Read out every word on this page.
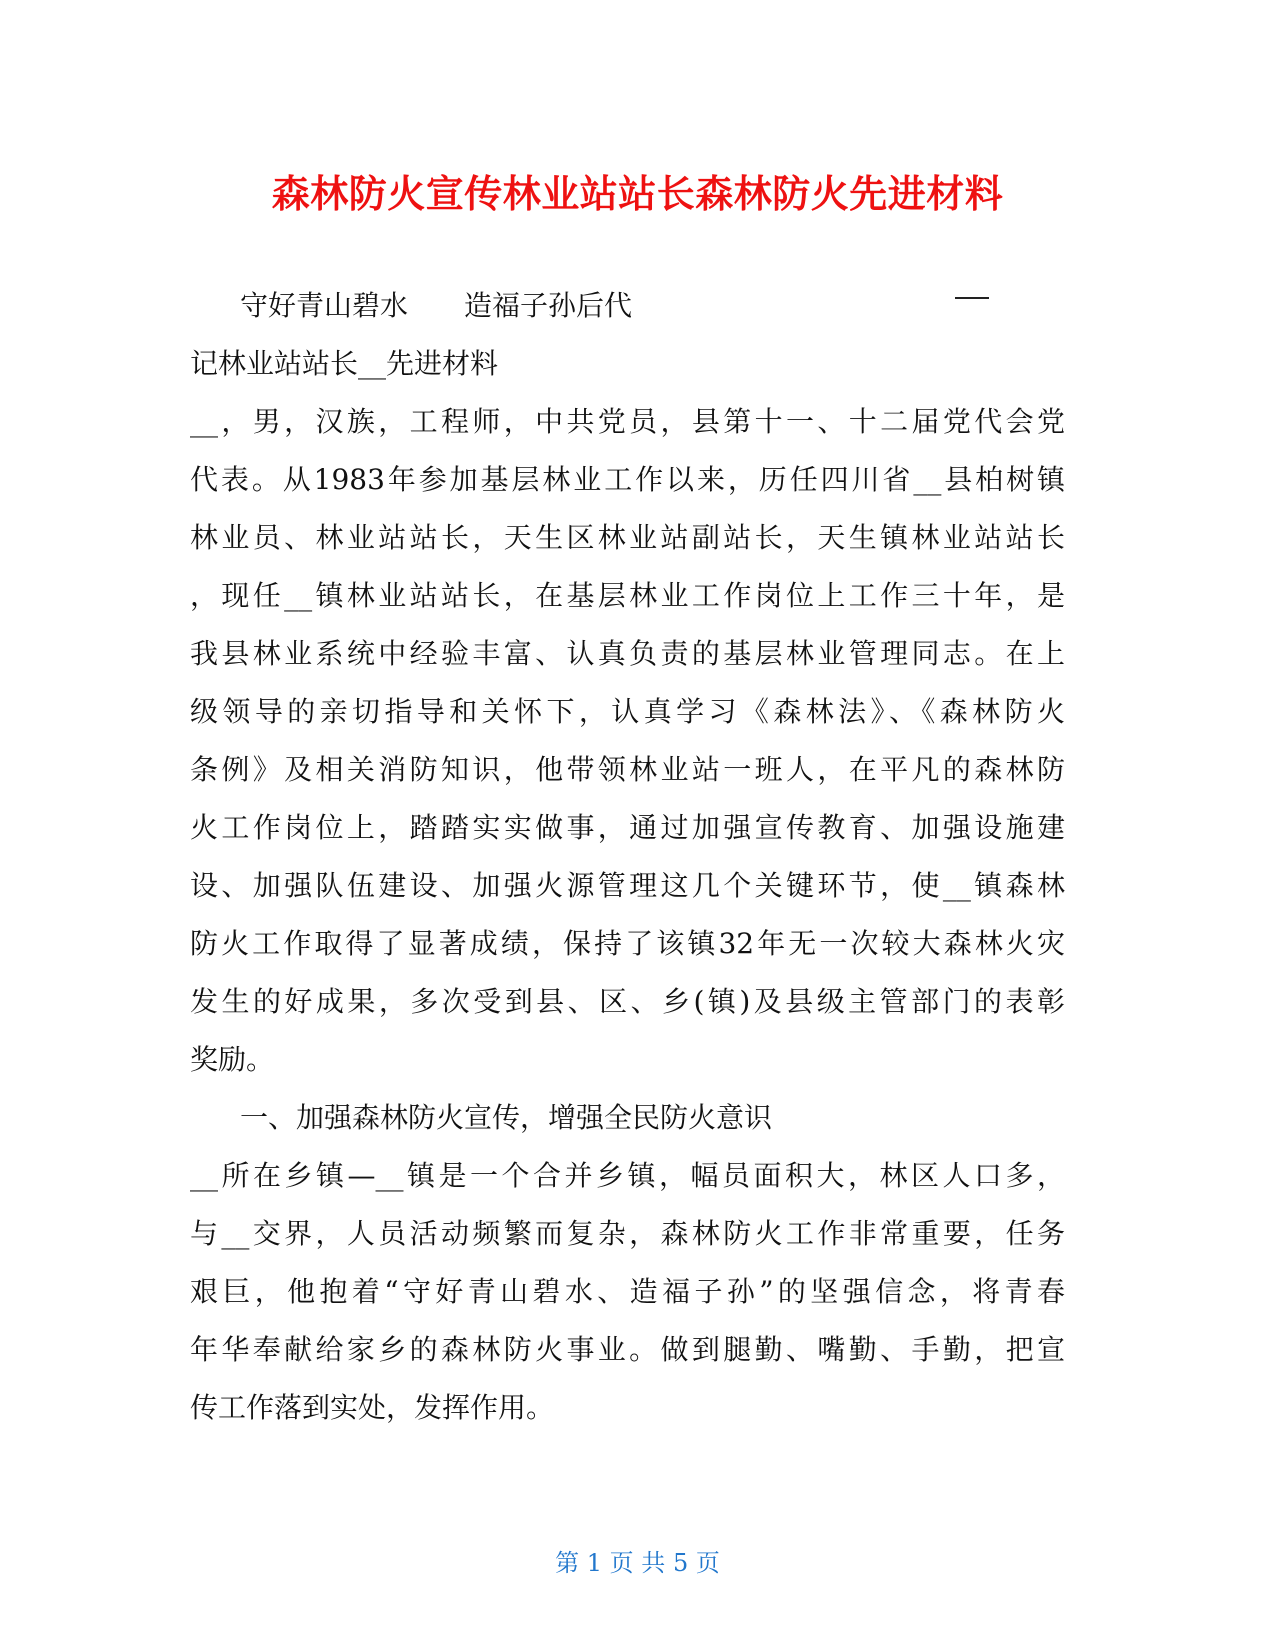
森林防火宣传林业站站长森林防火先进材料
守好青山碧水　　造福子孙后代
记林业站站长__先进材料
__，男，汉族，工程师，中共党员，县第十一、十二届党代会党
代表。从1983年参加基层林业工作以来，历任四川省__县柏树镇
林业员、林业站站长，天生区林业站副站长，天生镇林业站站长
，现任__镇林业站站长，在基层林业工作岗位上工作三十年，是
我县林业系统中经验丰富、认真负责的基层林业管理同志。在上
级领导的亲切指导和关怀下，认真学习《森林法》、《森林防火
条例》及相关消防知识，他带领林业站一班人，在平凡的森林防
火工作岗位上，踏踏实实做事，通过加强宣传教育、加强设施建
设、加强队伍建设、加强火源管理这几个关键环节，使__镇森林
防火工作取得了显著成绩，保持了该镇32年无一次较大森林火灾
发生的好成果，多次受到县、区、乡(镇)及县级主管部门的表彰
奖励。
一、加强森林防火宣传，增强全民防火意识
__所在乡镇—__镇是一个合并乡镇，幅员面积大，林区人口多，
与__交界，人员活动频繁而复杂，森林防火工作非常重要，任务
艰巨，他抱着“守好青山碧水、造福子孙”的坚强信念，将青春
年华奉献给家乡的森林防火事业。做到腿勤、嘴勤、手勤，把宣
传工作落到实处，发挥作用。
第 1 页 共 5 页
